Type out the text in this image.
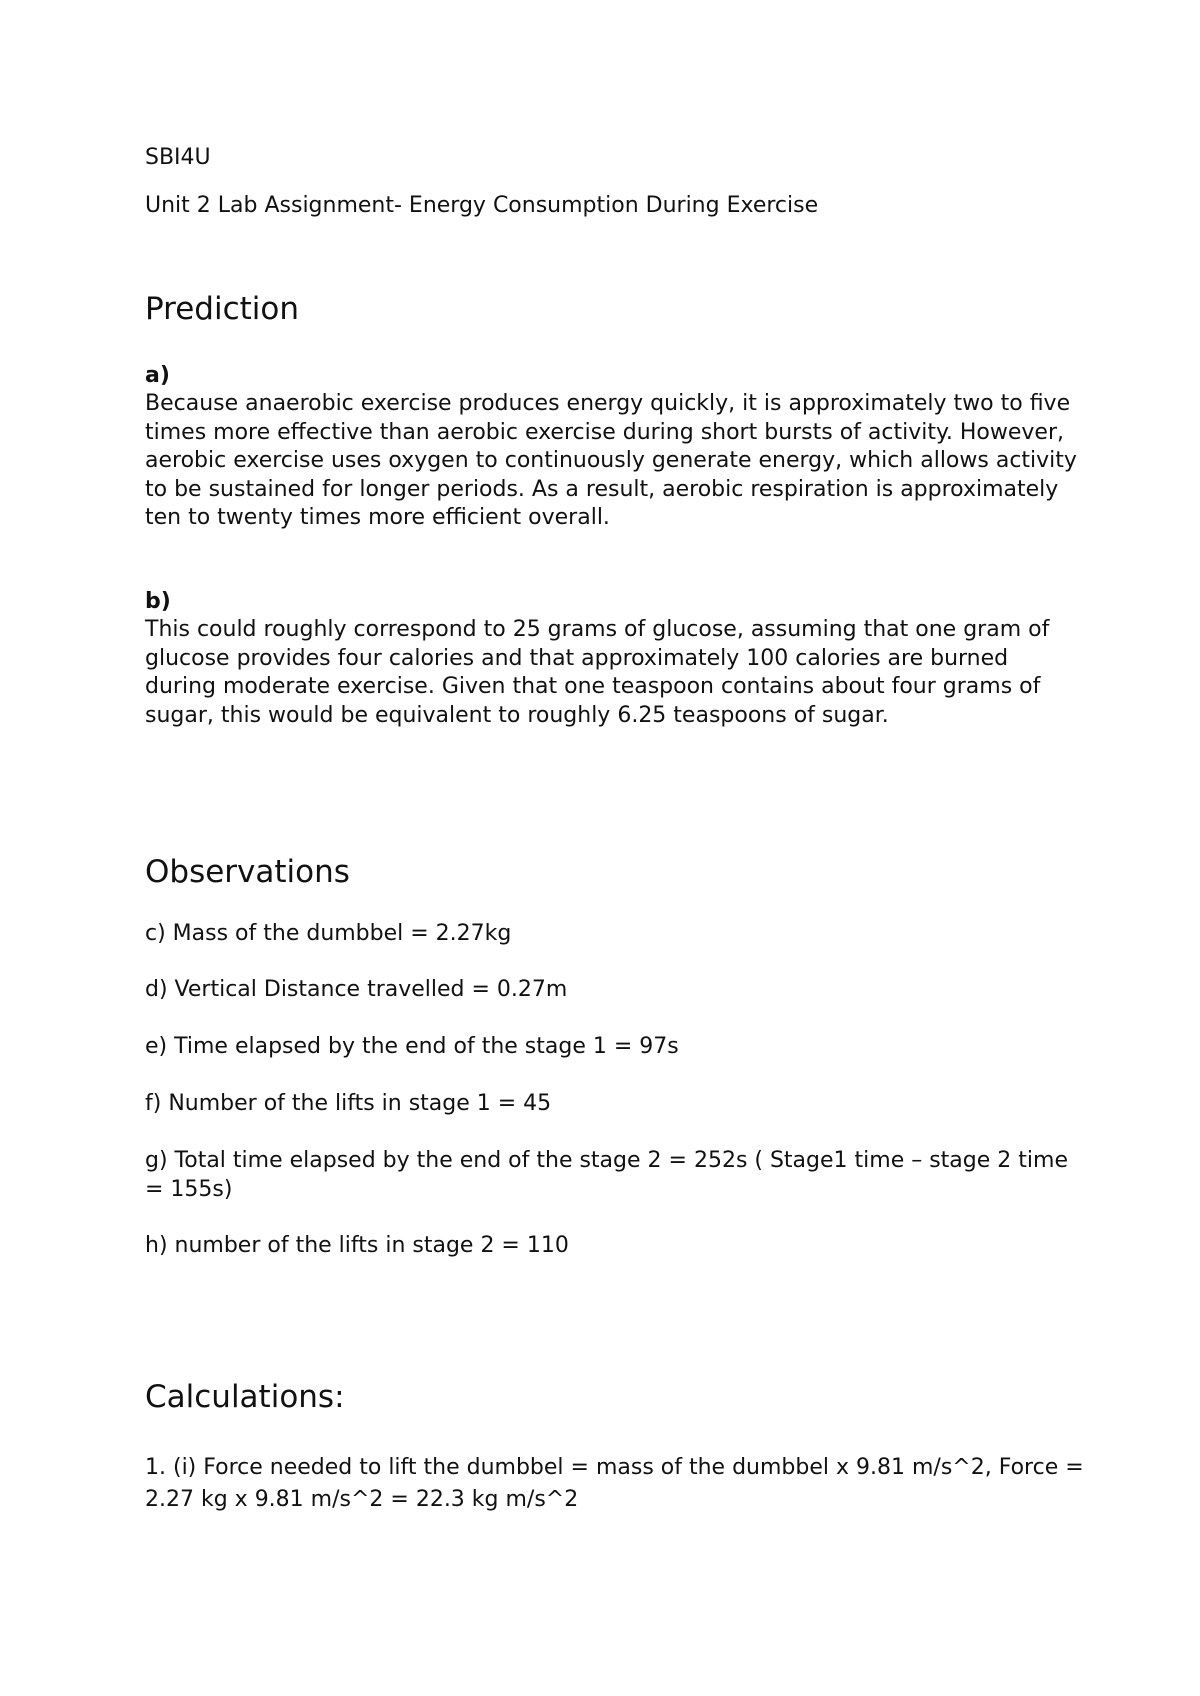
SBI4U

Unit 2 Lab Assignment- Energy Consumption During Exercise

Prediction

a)

Because anaerobic exercise produces energy quickly, it is approximately two to five times more effective than aerobic exercise during short bursts of activity. However, aerobic exercise uses oxygen to continuously generate energy, which allows activity to be sustained for longer periods. As a result, aerobic respiration is approximately ten to twenty times more efficient overall.

b)

This could roughly correspond to 25 grams of glucose, assuming that one gram of glucose provides four calories and that approximately 100 calories are burned during moderate exercise. Given that one teaspoon contains about four grams of sugar, this would be equivalent to roughly 6.25 teaspoons of sugar.

Observations

c) Mass of the dumbbel = 2.27kg

d) Vertical Distance travelled = 0.27m

e) Time elapsed by the end of the stage 1 = 97s

f) Number of the lifts in stage 1 = 45

g) Total time elapsed by the end of the stage 2 = 252s ( Stage1 time – stage 2 time = 155s)

h) number of the lifts in stage 2 = 110

Calculations:

1. (i) Force needed to lift the dumbbel = mass of the dumbbel x 9.81 m/s^2, Force = 2.27 kg x 9.81 m/s^2 = 22.3 kg m/s^2
